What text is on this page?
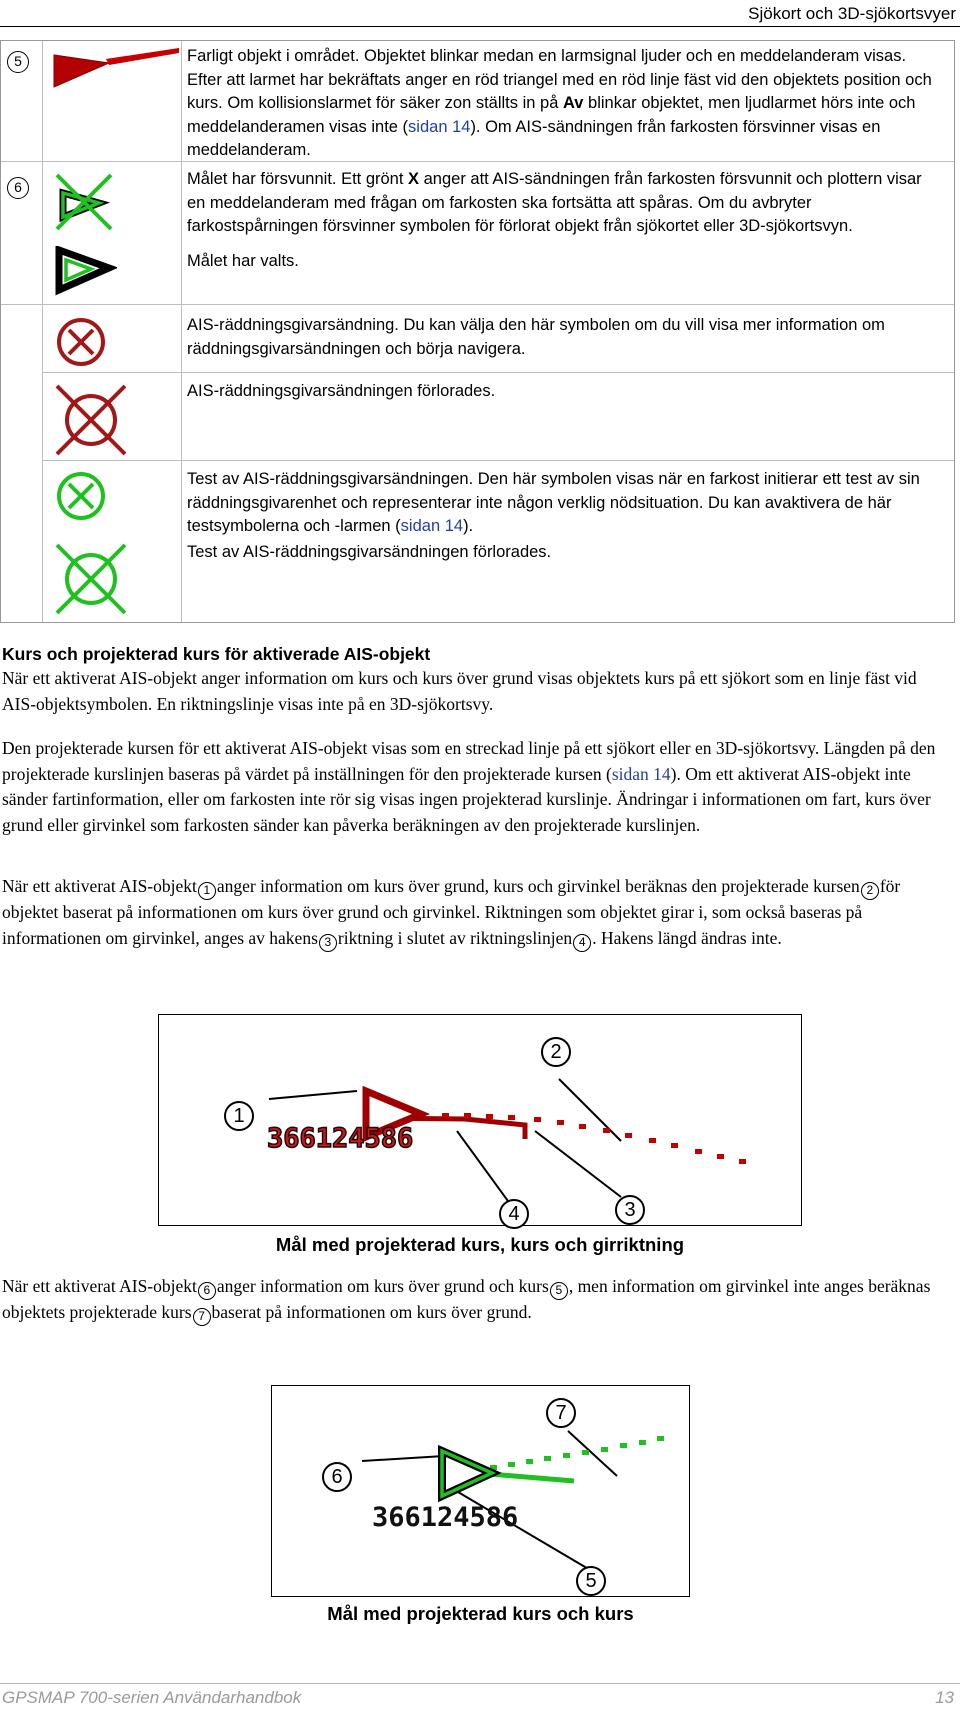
Sjökort och 3D-sjökortsvyer
5	Farligt objekt i området. Objektet blinkar medan en larmsignal ljuder och en meddelanderam visas. Efter att larmet har bekräftats anger en röd triangel med en röd linje fäst vid den objektets position och kurs. Om kollisionslarmet för säker zon ställts in på Av blinkar objektet, men ljudlarmet hörs inte och meddelanderamen visas inte (sidan 14). Om AIS-sändningen från farkosten försvinner visas en meddelanderam.
6	Målet har försvunnit. Ett grönt X anger att AIS-sändningen från farkosten försvunnit och plottern visar en meddelanderam med frågan om farkosten ska fortsätta att spåras. Om du avbryter farkostspårningen försvinner symbolen för förlorat objekt från sjökortet eller 3D-sjökortsvyn.
Målet har valts.
AIS-räddningsgivarsändning. Du kan välja den här symbolen om du vill visa mer information om räddningsgivarsändningen och börja navigera.
AIS-räddningsgivarsändningen förlorades.
Test av AIS-räddningsgivarsändningen. Den här symbolen visas när en farkost initierar ett test av sin räddningsgivarenhet och representerar inte någon verklig nödsituation. Du kan avaktivera de här testsymbolerna och -larmen (sidan 14).
Test av AIS-räddningsgivarsändningen förlorades.
Kurs och projekterad kurs för aktiverade AIS-objekt

När ett aktiverat AIS-objekt anger information om kurs och kurs över grund visas objektets kurs på ett sjökort som en linje fäst vid AIS-objektsymbolen. En riktningslinje visas inte på en 3D-sjökortsvy.

Den projekterade kursen för ett aktiverat AIS-objekt visas som en streckad linje på ett sjökort eller en 3D-sjökortsvy. Längden på den projekterade kurslinjen baseras på värdet på inställningen för den projekterade kursen (sidan 14). Om ett aktiverat AIS-objekt inte sänder fartinformation, eller om farkosten inte rör sig visas ingen projekterad kurslinje. Ändringar i informationen om fart, kurs över grund eller girvinkel som farkosten sänder kan påverka beräkningen av den projekterade kurslinjen.

När ett aktiverat AIS-objekt 1 anger information om kurs över grund, kurs och girvinkel beräknas den projekterade kursen 2 för objektet baserat på informationen om kurs över grund och girvinkel. Riktningen som objektet girar i, som också baseras på informationen om girvinkel, anges av hakens 3 riktning i slutet av riktningslinjen 4 . Hakens längd ändras inte.

366124586
1
2
3
4
Mål med projekterad kurs, kurs och girriktning

När ett aktiverat AIS-objekt 6 anger information om kurs över grund och kurs 5 , men information om girvinkel inte anges beräknas objektets projekterade kurs 7 baserat på informationen om kurs över grund.

366124586
5
6
7
Mål med projekterad kurs och kurs
GPSMAP 700-serien Användarhandbok	13
